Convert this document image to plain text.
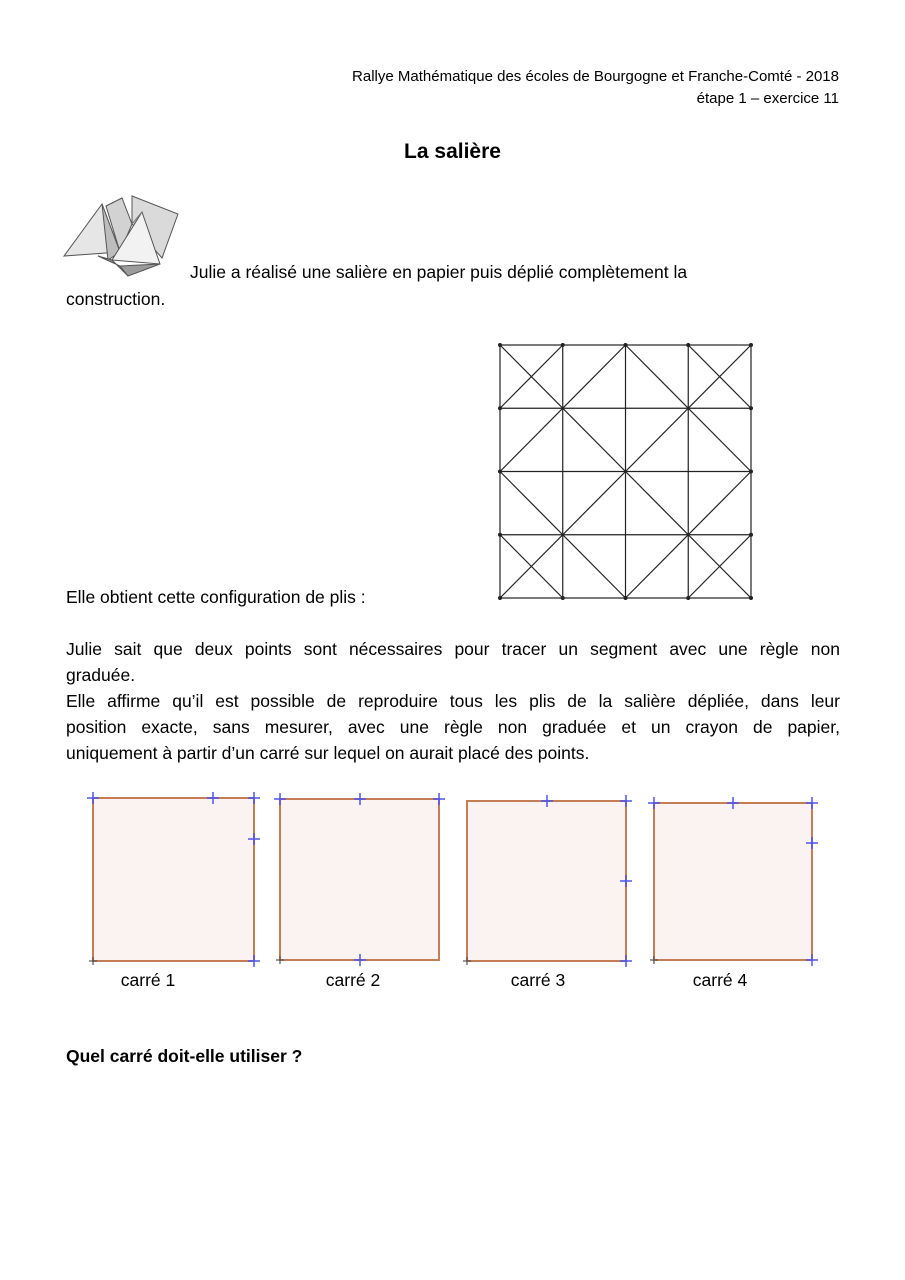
Rallye Mathématique des écoles de Bourgogne et Franche-Comté - 2018
étape 1 – exercice 11
La salière
Julie a réalisé une salière en papier puis déplié complètement la
construction.
Elle obtient cette configuration de plis :
Julie sait que deux points sont nécessaires pour tracer un segment avec une règle non
graduée.
Elle affirme qu’il est possible de reproduire tous les plis de la salière dépliée, dans leur
position exacte, sans mesurer, avec une règle non graduée et un crayon de papier,
uniquement à partir d’un carré sur lequel on aurait placé des points.
carré 1	carré 2	carré 3	carré 4
Quel carré doit-elle utiliser ?
